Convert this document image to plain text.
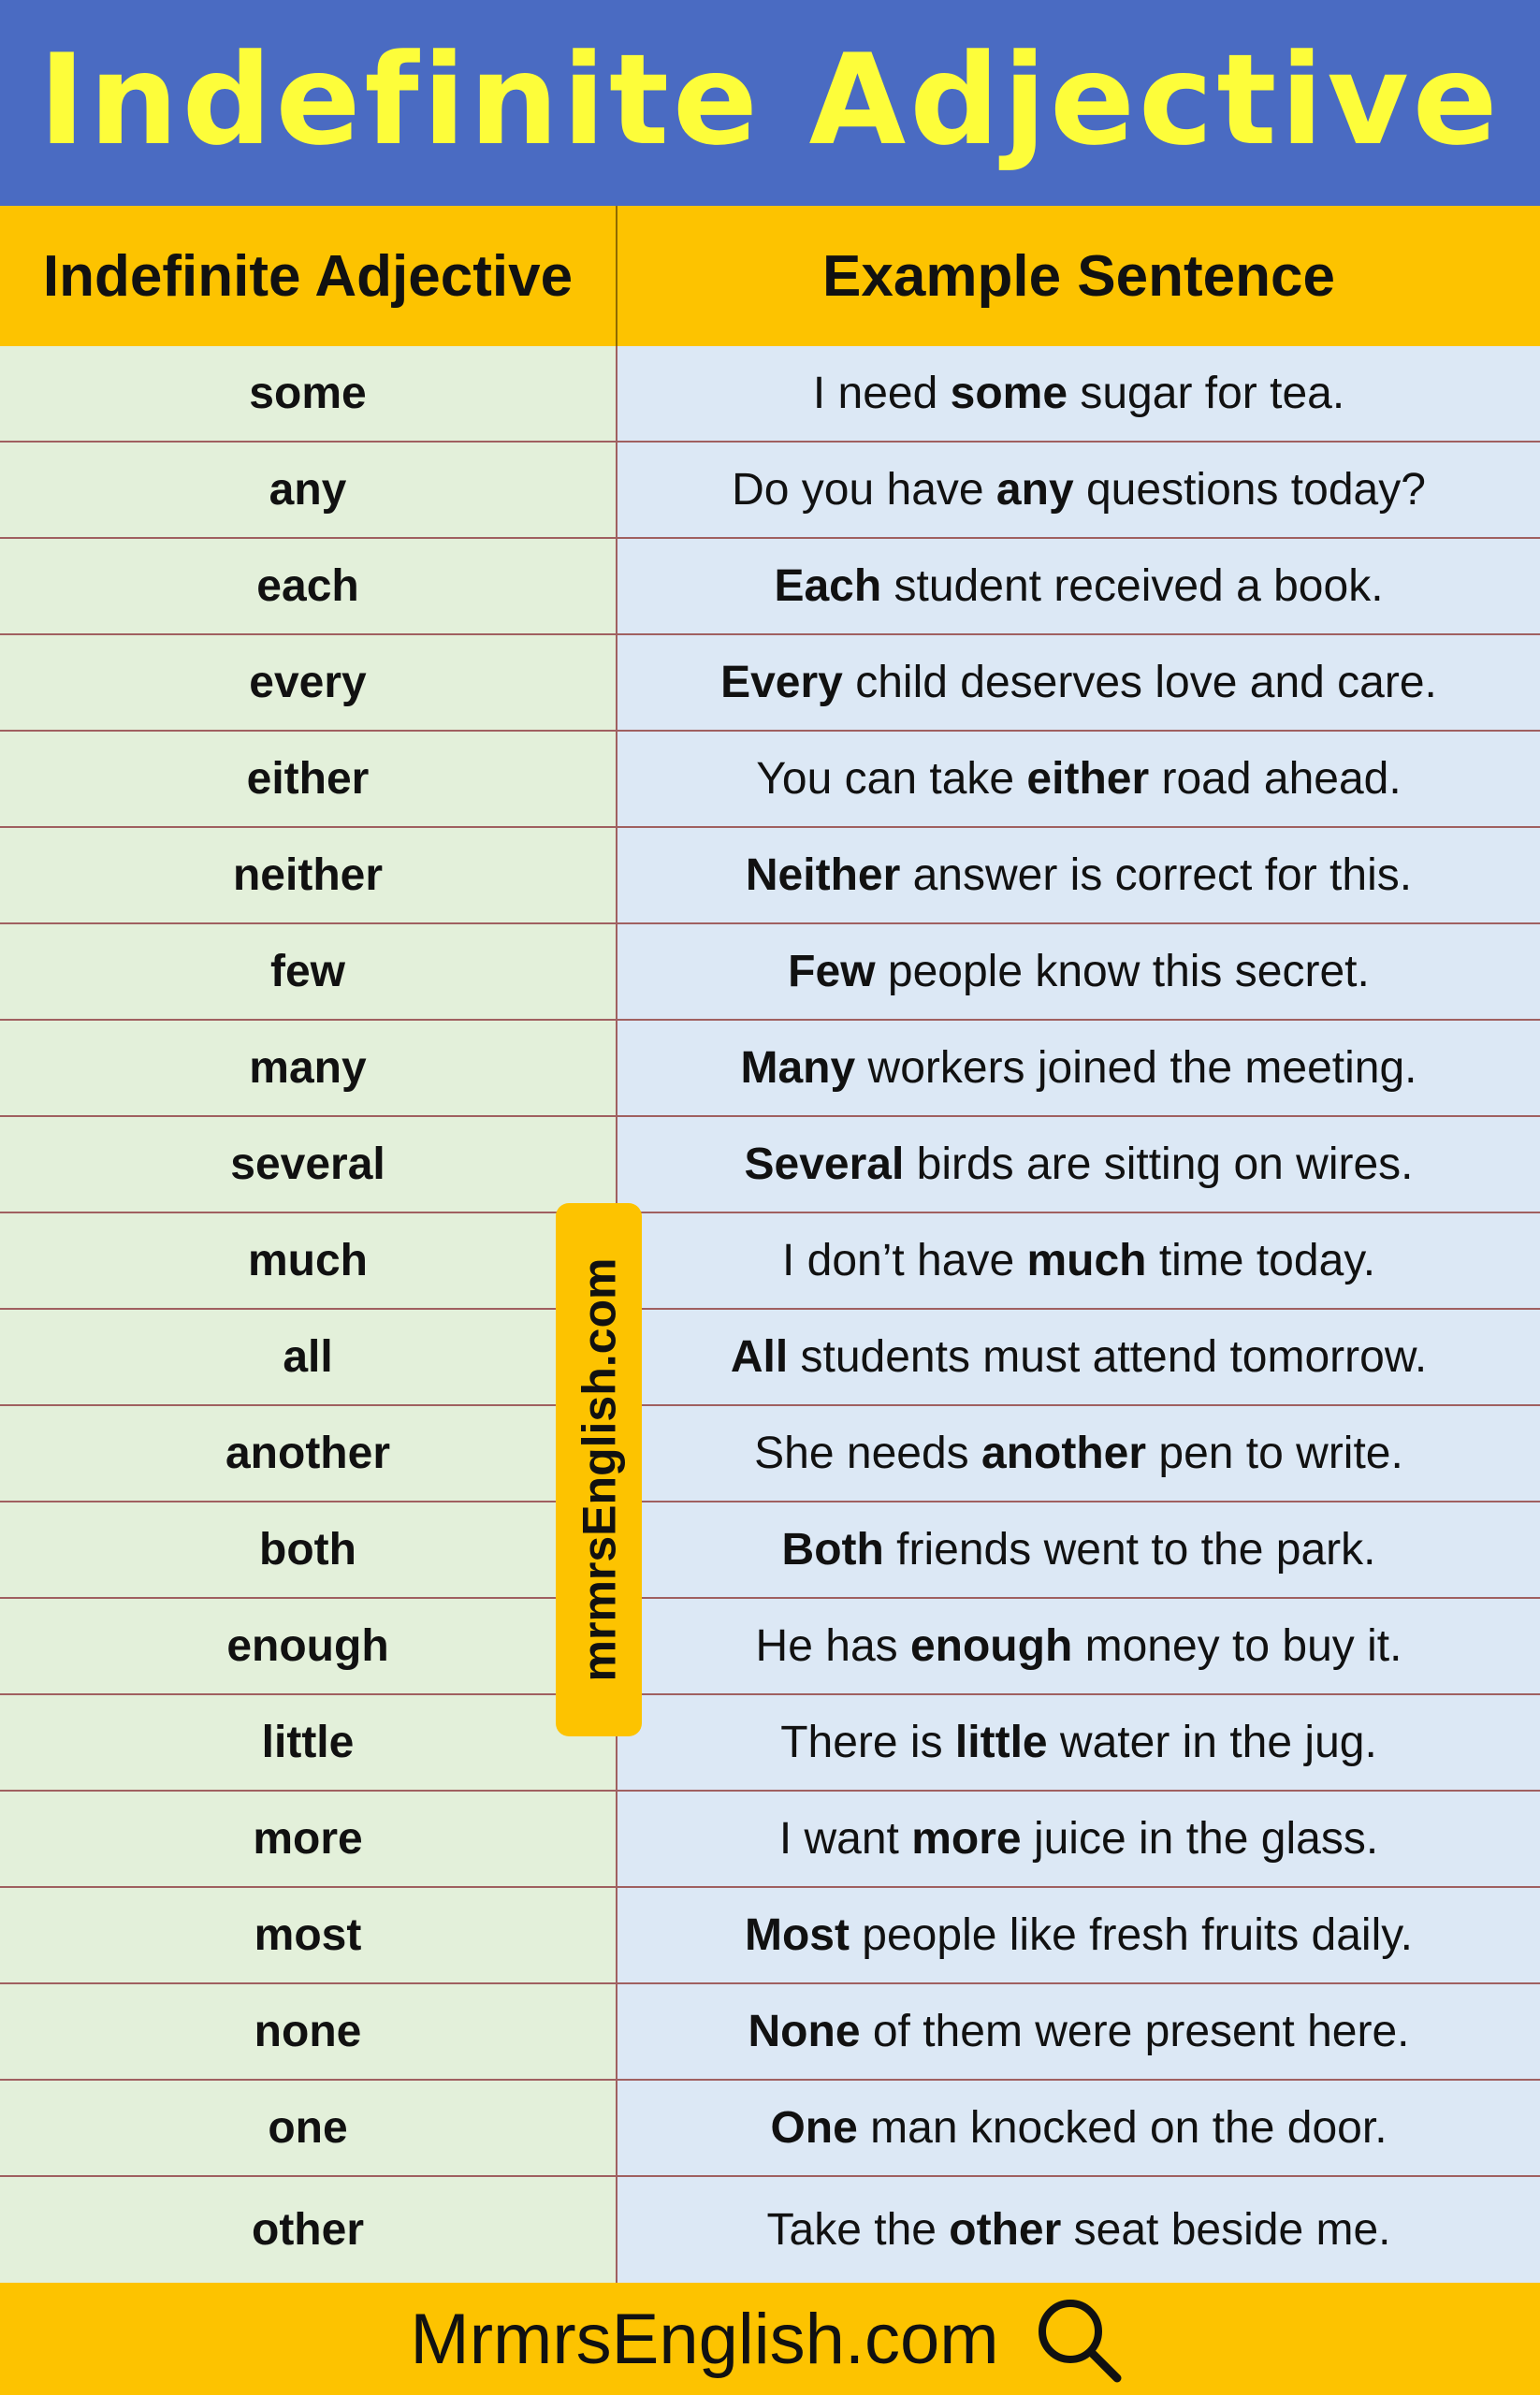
Indefinite Adjective
Indefinite Adjective	Example Sentence
some	I need some sugar for tea.
any	Do you have any questions today?
each	Each student received a book.
every	Every child deserves love and care.
either	You can take either road ahead.
neither	Neither answer is correct for this.
few	Few people know this secret.
many	Many workers joined the meeting.
several	Several birds are sitting on wires.
much	I don’t have much time today.
all	All students must attend tomorrow.
another	She needs another pen to write.
both	Both friends went to the park.
enough	He has enough money to buy it.
little	There is little water in the jug.
more	I want more juice in the glass.
most	Most people like fresh fruits daily.
none	None of them were present here.
one	One man knocked on the door.
other	Take the other seat beside me.
mrmrsEnglish.com
MrmrsEnglish.com
